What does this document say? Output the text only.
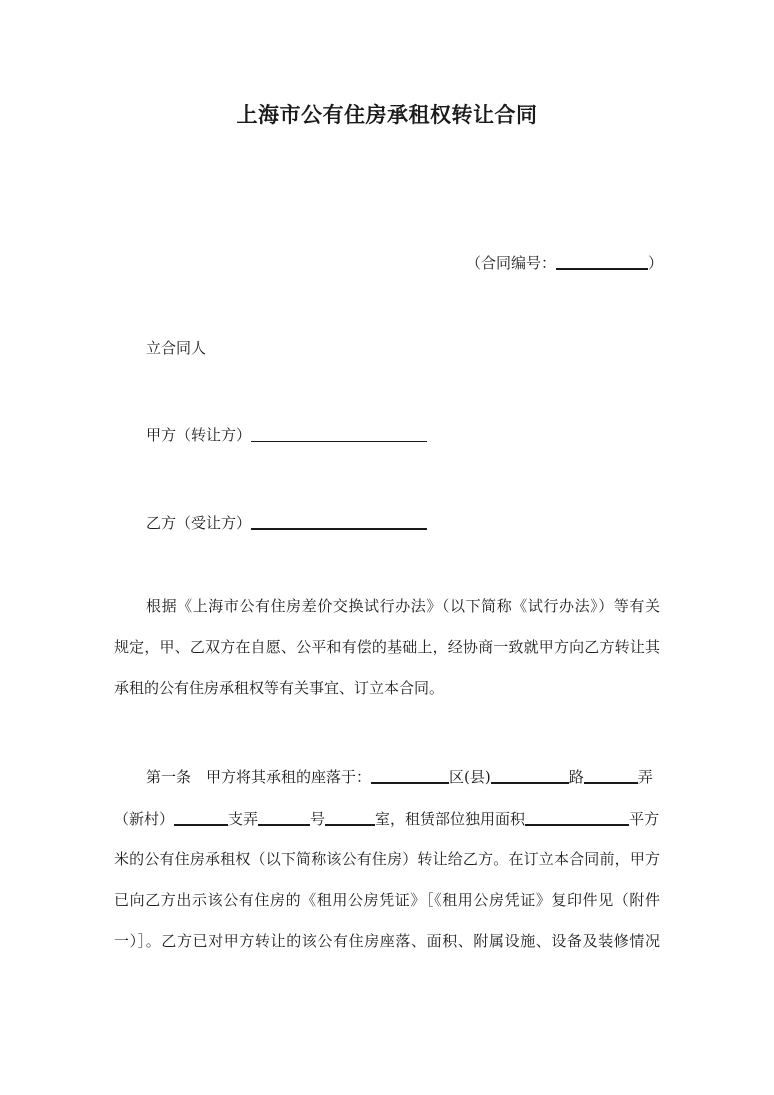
上海市公有住房承租权转让合同
（合同编号：	）
立合同人
甲方（转让方）
乙方（受让方）
根据《上海市公有住房差价交换试行办法》（以下简称《试行办法》）等有关
规定，甲、乙双方在自愿、公平和有偿的基础上，经协商一致就甲方向乙方转让其
承租的公有住房承租权等有关事宜、订立本合同。
第一条　甲方将其承租的座落于：	区(县)	路	弄
（新村）	支弄	号	室，租赁部位独用面积	平方
米的公有住房承租权（以下简称该公有住房）转让给乙方。在订立本合同前，甲方
已向乙方出示该公有住房的《租用公房凭证》［《租用公房凭证》复印件见（附件
一）］。乙方已对甲方转让的该公有住房座落、面积、附属设施、设备及装修情况
